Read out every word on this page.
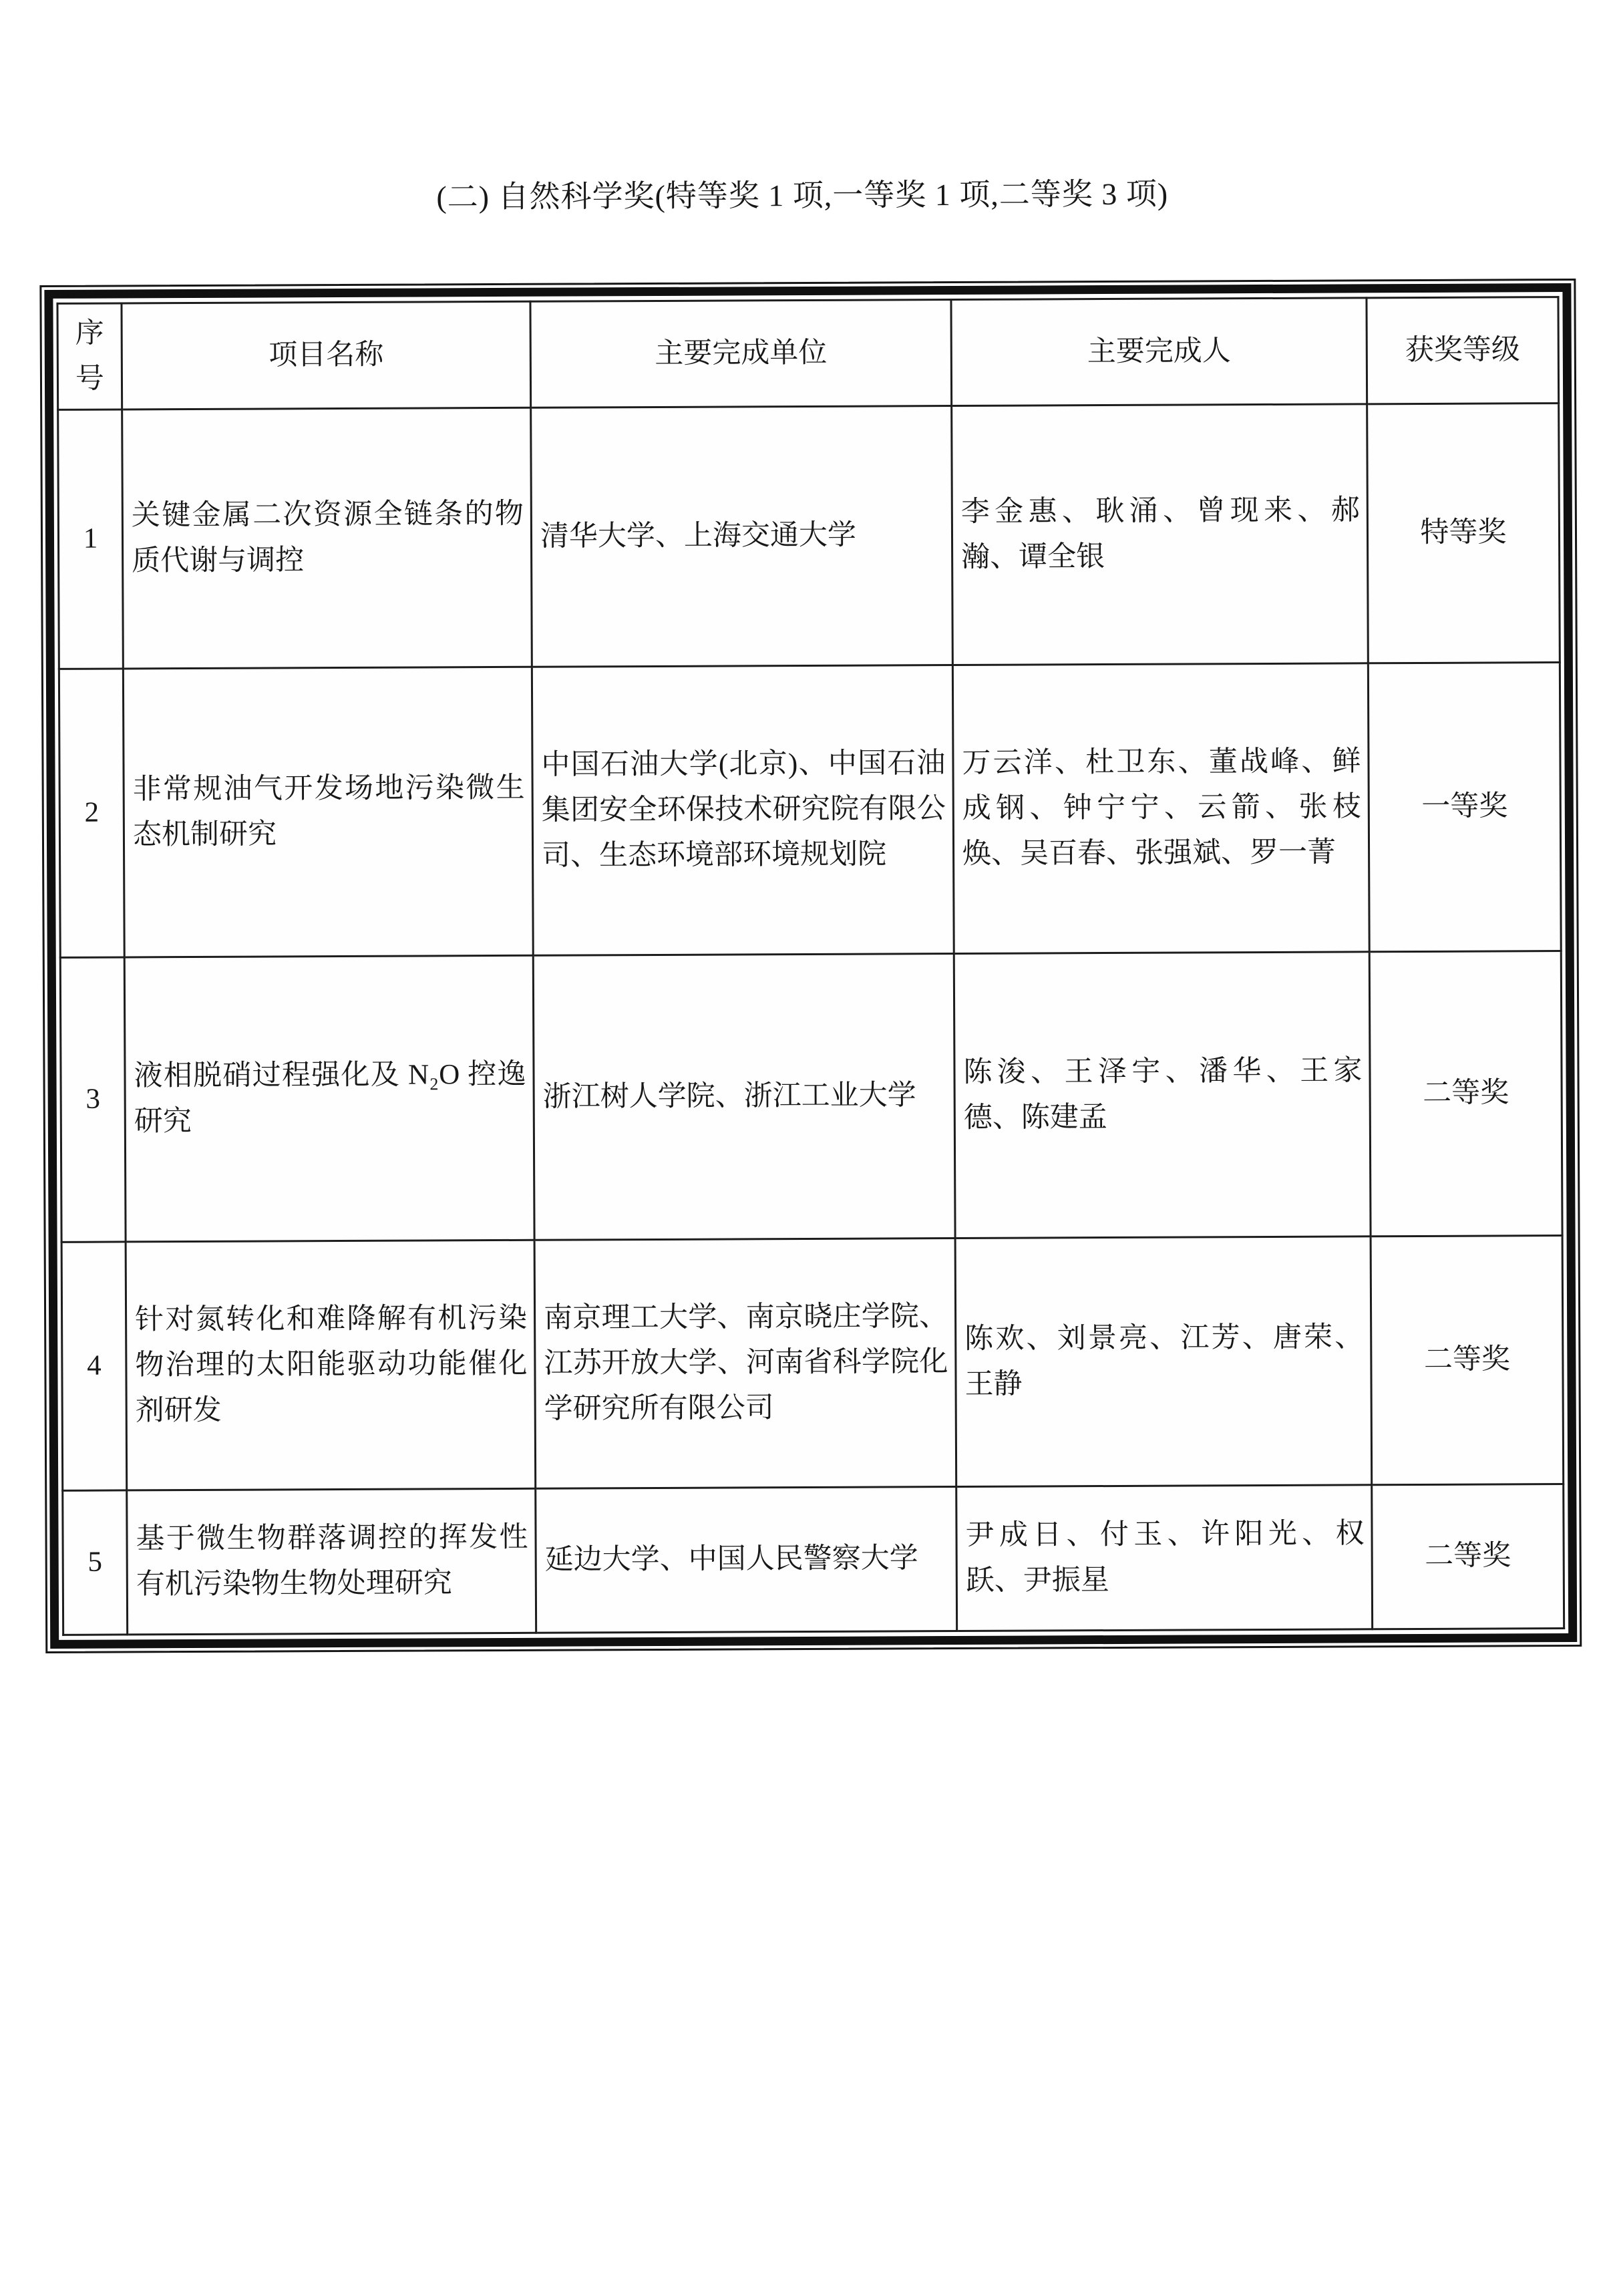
(二) 自然科学奖(特等奖 1 项,一等奖 1 项,二等奖 3 项)
序
号	项目名称	主要完成单位	主要完成人	获奖等级
1	关键金属二次资源全链条的物质代谢与调控	清华大学、上海交通大学	李金惠、耿涌、曾现来、郝瀚、谭全银	特等奖
2	非常规油气开发场地污染微生态机制研究	中国石油大学(北京)、中国石油集团安全环保技术研究院有限公司、生态环境部环境规划院	万云洋、杜卫东、董战峰、鲜成钢、钟宁宁、云箭、张枝焕、吴百春、张强斌、罗一菁	一等奖
3	液相脱硝过程强化及 N₂O 控逸研究	浙江树人学院、浙江工业大学	陈浚、王泽宇、潘华、王家德、陈建孟	二等奖
4	针对氮转化和难降解有机污染物治理的太阳能驱动功能催化剂研发	南京理工大学、南京晓庄学院、江苏开放大学、河南省科学院化学研究所有限公司	陈欢、刘景亮、江芳、唐荣、王静	二等奖
5	基于微生物群落调控的挥发性有机污染物生物处理研究	延边大学、中国人民警察大学	尹成日、付玉、许阳光、权跃、尹振星	二等奖
